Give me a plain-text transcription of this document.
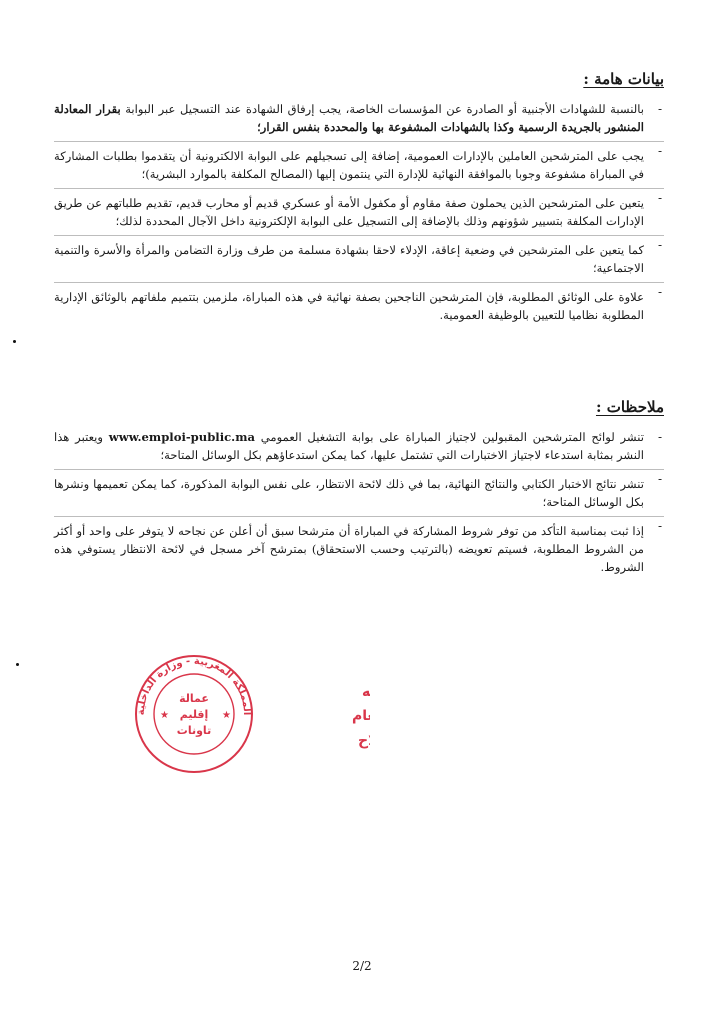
بيانات هامة :
- بالنسبة للشهادات الأجنبية أو الصادرة عن المؤسسات الخاصة، يجب إرفاق الشهادة عند التسجيل عبر البوابة بقرار المعادلة المنشور بالجريدة الرسمية وكذا بالشهادات المشفوعة بها والمحددة بنفس القرار؛
- يجب على المترشحين العاملين بالإدارات العمومية، إضافة إلى تسجيلهم على البوابة الالكترونية أن يتقدموا بطلبات المشاركة في المباراة مشفوعة وجوبا بالموافقة النهائية للإدارة التي ينتمون إليها (المصالح المكلفة بالموارد البشرية)؛
- يتعين على المترشحين الذين يحملون صفة مقاوم أو مكفول الأمة أو عسكري قديم أو محارب قديم، تقديم طلباتهم عن طريق الإدارات المكلفة بتسيير شؤونهم وذلك بالإضافة إلى التسجيل على البوابة الإلكترونية داخل الآجال المحددة لذلك؛
- كما يتعين على المترشحين في وضعية إعاقة، الإدلاء لاحقا بشهادة مسلمة من طرف وزارة التضامن والمرأة والأسرة والتنمية الاجتماعية؛
- علاوة على الوثائق المطلوبة، فإن المترشحين الناجحين بصفة نهائية في هذه المباراة، ملزمين بتتميم ملفاتهم بالوثائق الإدارية المطلوبة نظاميا للتعيين بالوظيفة العمومية.
ملاحظات :
- تنشر لوائح المترشحين المقبولين لاجتياز المباراة على بوابة التشغيل العمومي www.emploi-public.ma ويعتبر هذا النشر بمثابة استدعاء لاجتياز الاختبارات التي تشتمل عليها، كما يمكن استدعاؤهم بكل الوسائل المتاحة؛
- تنشر نتائج الاختبار الكتابي والنتائج النهائية، بما في ذلك لائحة الانتظار، على نفس البوابة المذكورة، كما يمكن تعميمها ونشرها بكل الوسائل المتاحة؛
- إذا ثبت بمناسبة التأكد من توفر شروط المشاركة في المباراة أن مترشحا سبق أن أعلن عن نجاحه لا يتوفر على واحد أو أكثر من الشروط المطلوبة، فسيتم تعويضه (بالترتيب وحسب الاستحقاق) بمترشح آخر مسجل في لائحة الانتظار يستوفي هذه الشروط.
المملكة المغربية - وزارة الداخلية
عمالة
إقليم
تاونات
★	★
ه
ام
ح
2/2
